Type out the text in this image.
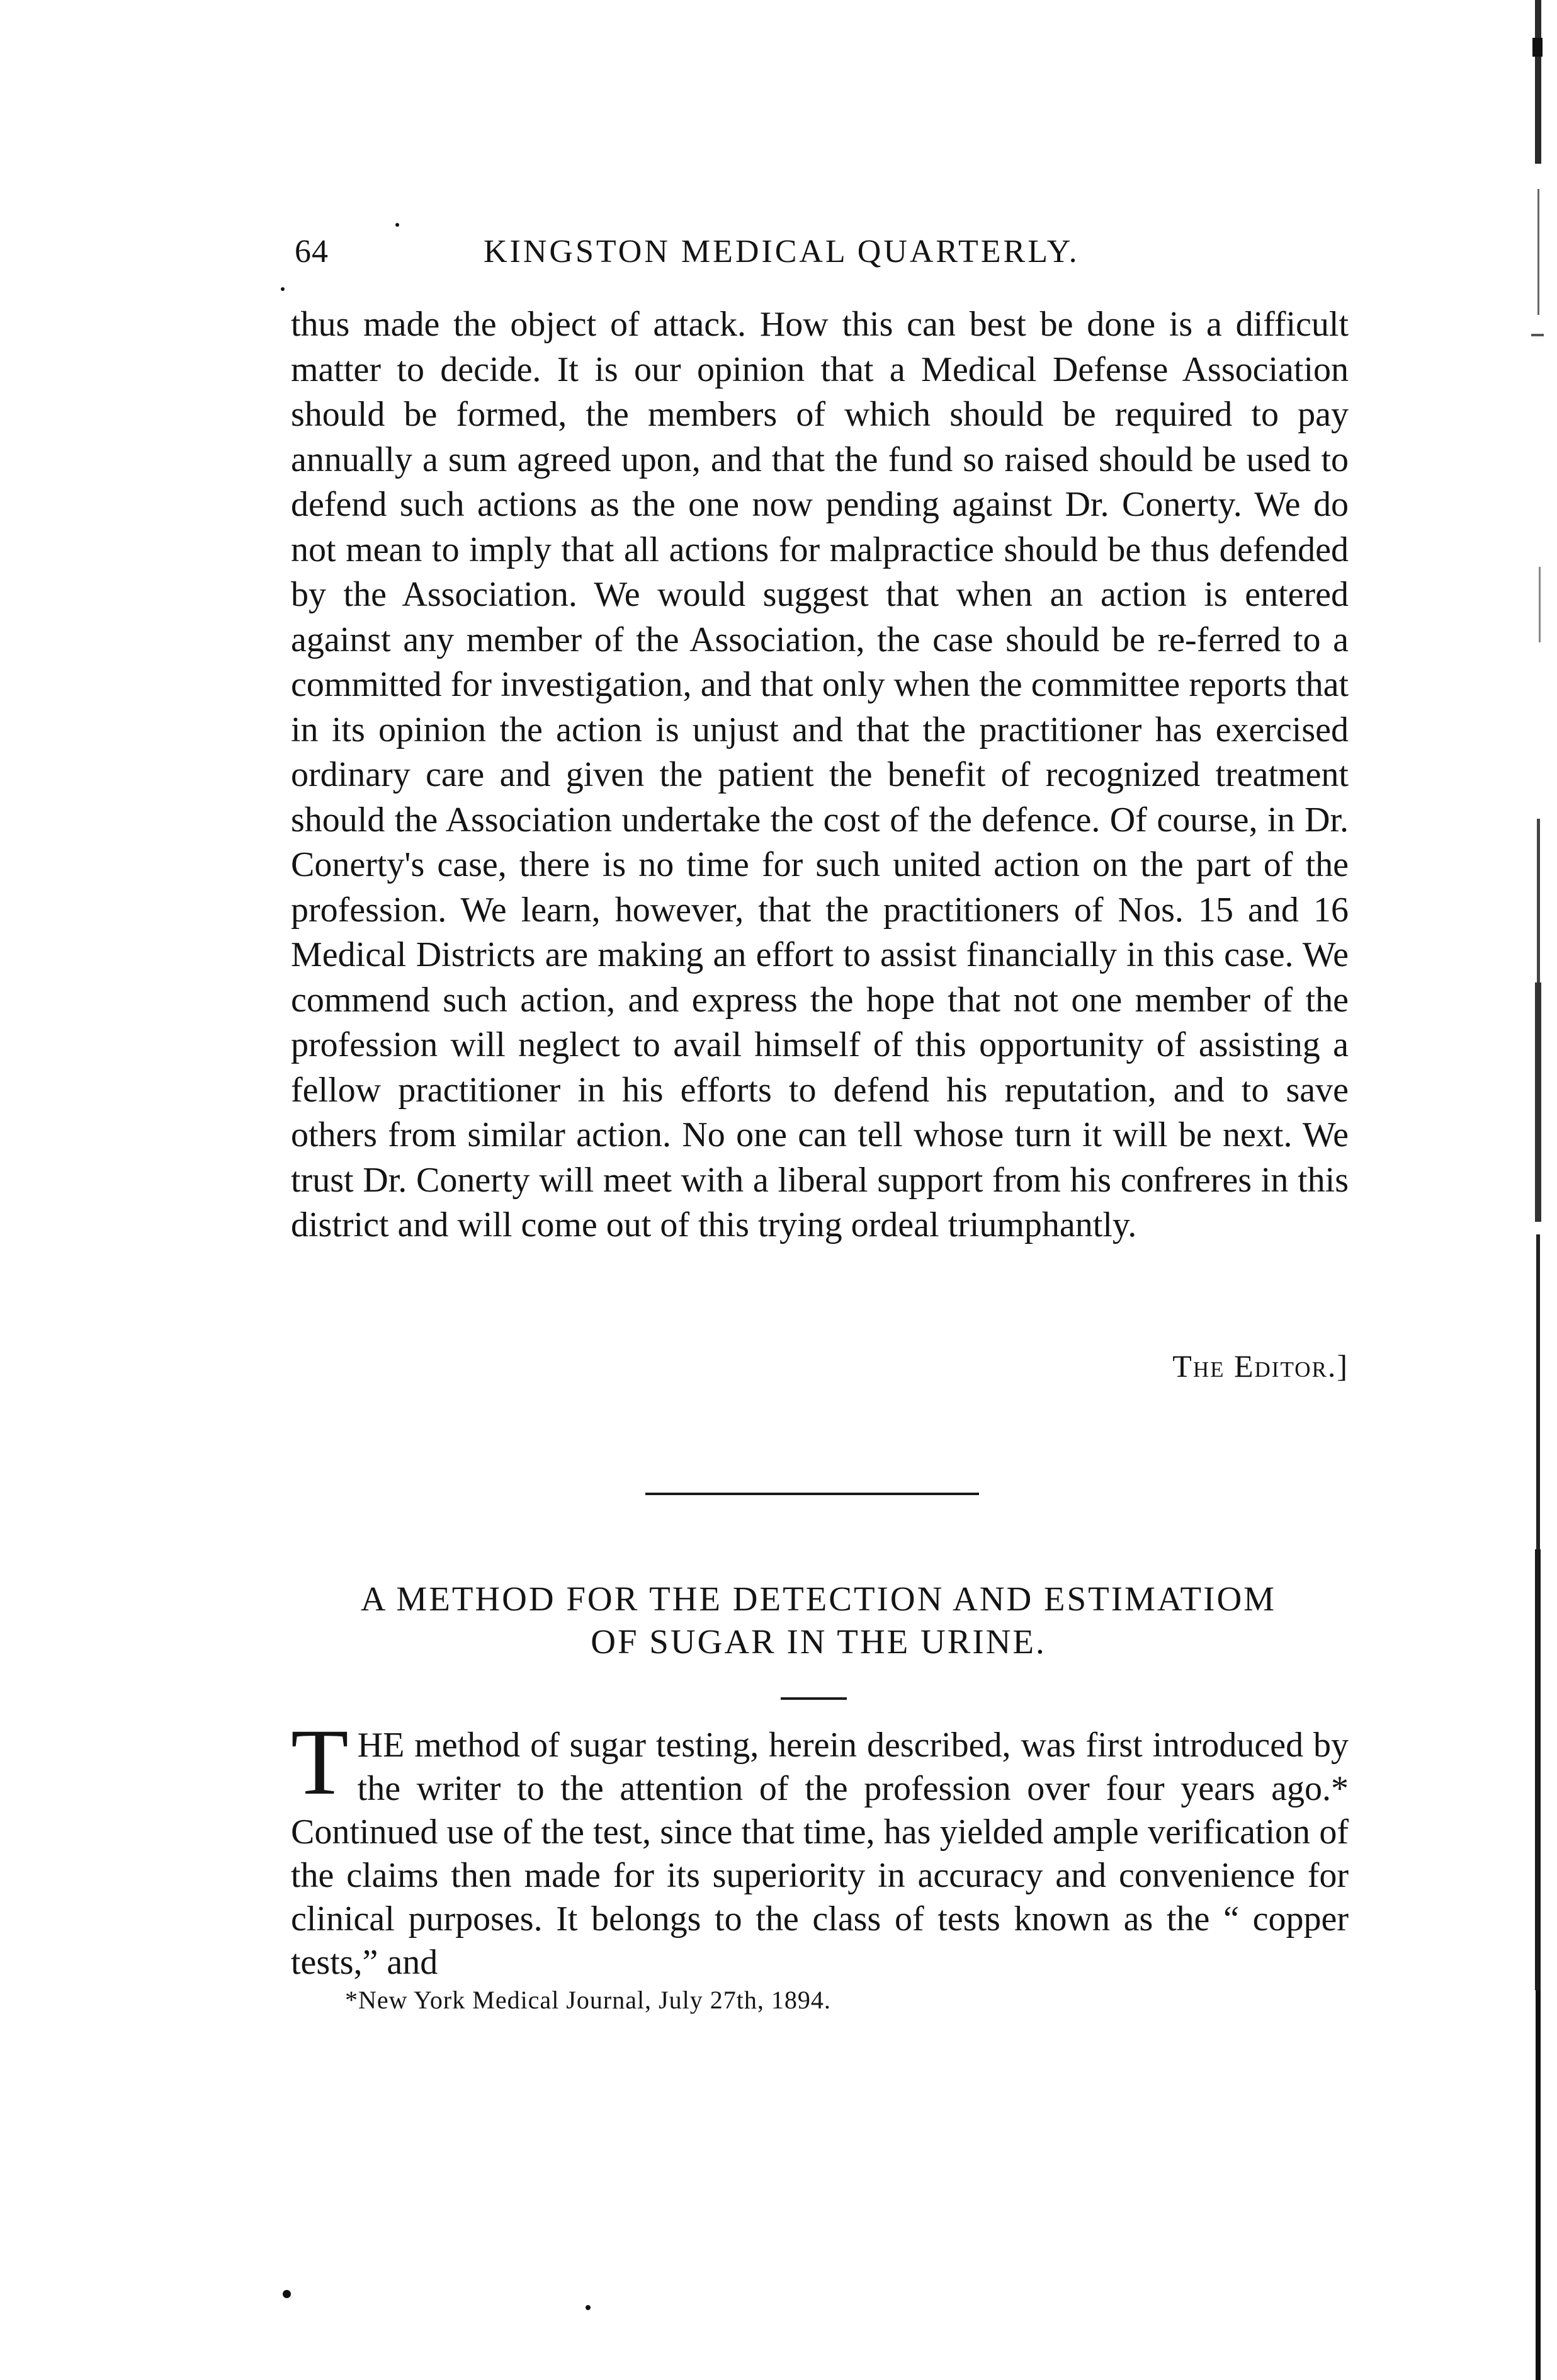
64	KINGSTON MEDICAL QUARTERLY.
thus made the object of attack. How this can best be done is a difficult matter to decide. It is our opinion that a Medical Defense Association should be formed, the members of which should be required to pay annually a sum agreed upon, and that the fund so raised should be used to defend such actions as the one now pending against Dr. Conerty. We do not mean to imply that all actions for malpractice should be thus defended by the Association. We would suggest that when an action is entered against any member of the Association, the case should be re-ferred to a committed for investigation, and that only when the committee reports that in its opinion the action is unjust and that the practitioner has exercised ordinary care and given the patient the benefit of recognized treatment should the Association undertake the cost of the defence. Of course, in Dr. Conerty's case, there is no time for such united action on the part of the profession. We learn, however, that the practitioners of Nos. 15 and 16 Medical Districts are making an effort to assist financially in this case. We commend such action, and express the hope that not one member of the profession will neglect to avail himself of this opportunity of assisting a fellow practitioner in his efforts to defend his reputation, and to save others from similar action. No one can tell whose turn it will be next. We trust Dr. Conerty will meet with a liberal support from his confreres in this district and will come out of this trying ordeal triumphantly.
The Editor.]
A METHOD FOR THE DETECTION AND ESTIMATIOM
OF SUGAR IN THE URINE.
THE method of sugar testing, herein described, was first introduced by the writer to the attention of the profession over four years ago.* Continued use of the test, since that time, has yielded ample verification of the claims then made for its superiority in accuracy and convenience for clinical purposes. It belongs to the class of tests known as the “ copper tests,” and
*New York Medical Journal, July 27th, 1894.
